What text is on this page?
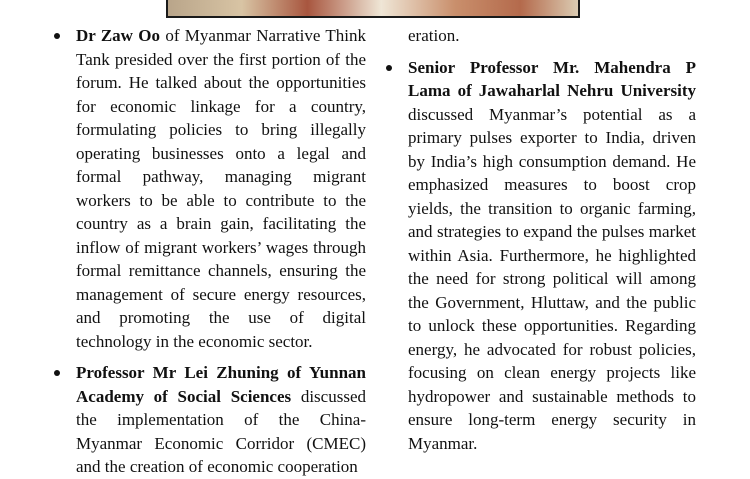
Dr Zaw Oo of Myanmar Narrative Think Tank presided over the first portion of the forum. He talked about the opportunities for economic linkage for a country, formulating policies to bring illegally operating businesses onto a legal and formal pathway, managing migrant workers to be able to contribute to the country as a brain gain, facilitating the inflow of migrant workers’ wages through formal remittance channels, ensuring the management of secure energy resources, and promoting the use of digital technology in the economic sector.
Professor Mr Lei Zhuning of Yunnan Academy of Social Sciences discussed the implementation of the China-Myanmar Economic Corridor (CMEC) and the creation of economic cooperation
eration.
Senior Professor Mr. Mahendra P Lama of Jawaharlal Nehru University discussed Myanmar’s potential as a primary pulses exporter to India, driven by India’s high consumption demand. He emphasized measures to boost crop yields, the transition to organic farming, and strategies to expand the pulses market within Asia. Furthermore, he highlighted the need for strong political will among the Government, Hluttaw, and the public to unlock these opportunities. Regarding energy, he advocated for robust policies, focusing on clean energy projects like hydropower and sustainable methods to ensure long-term energy security in Myanmar.
